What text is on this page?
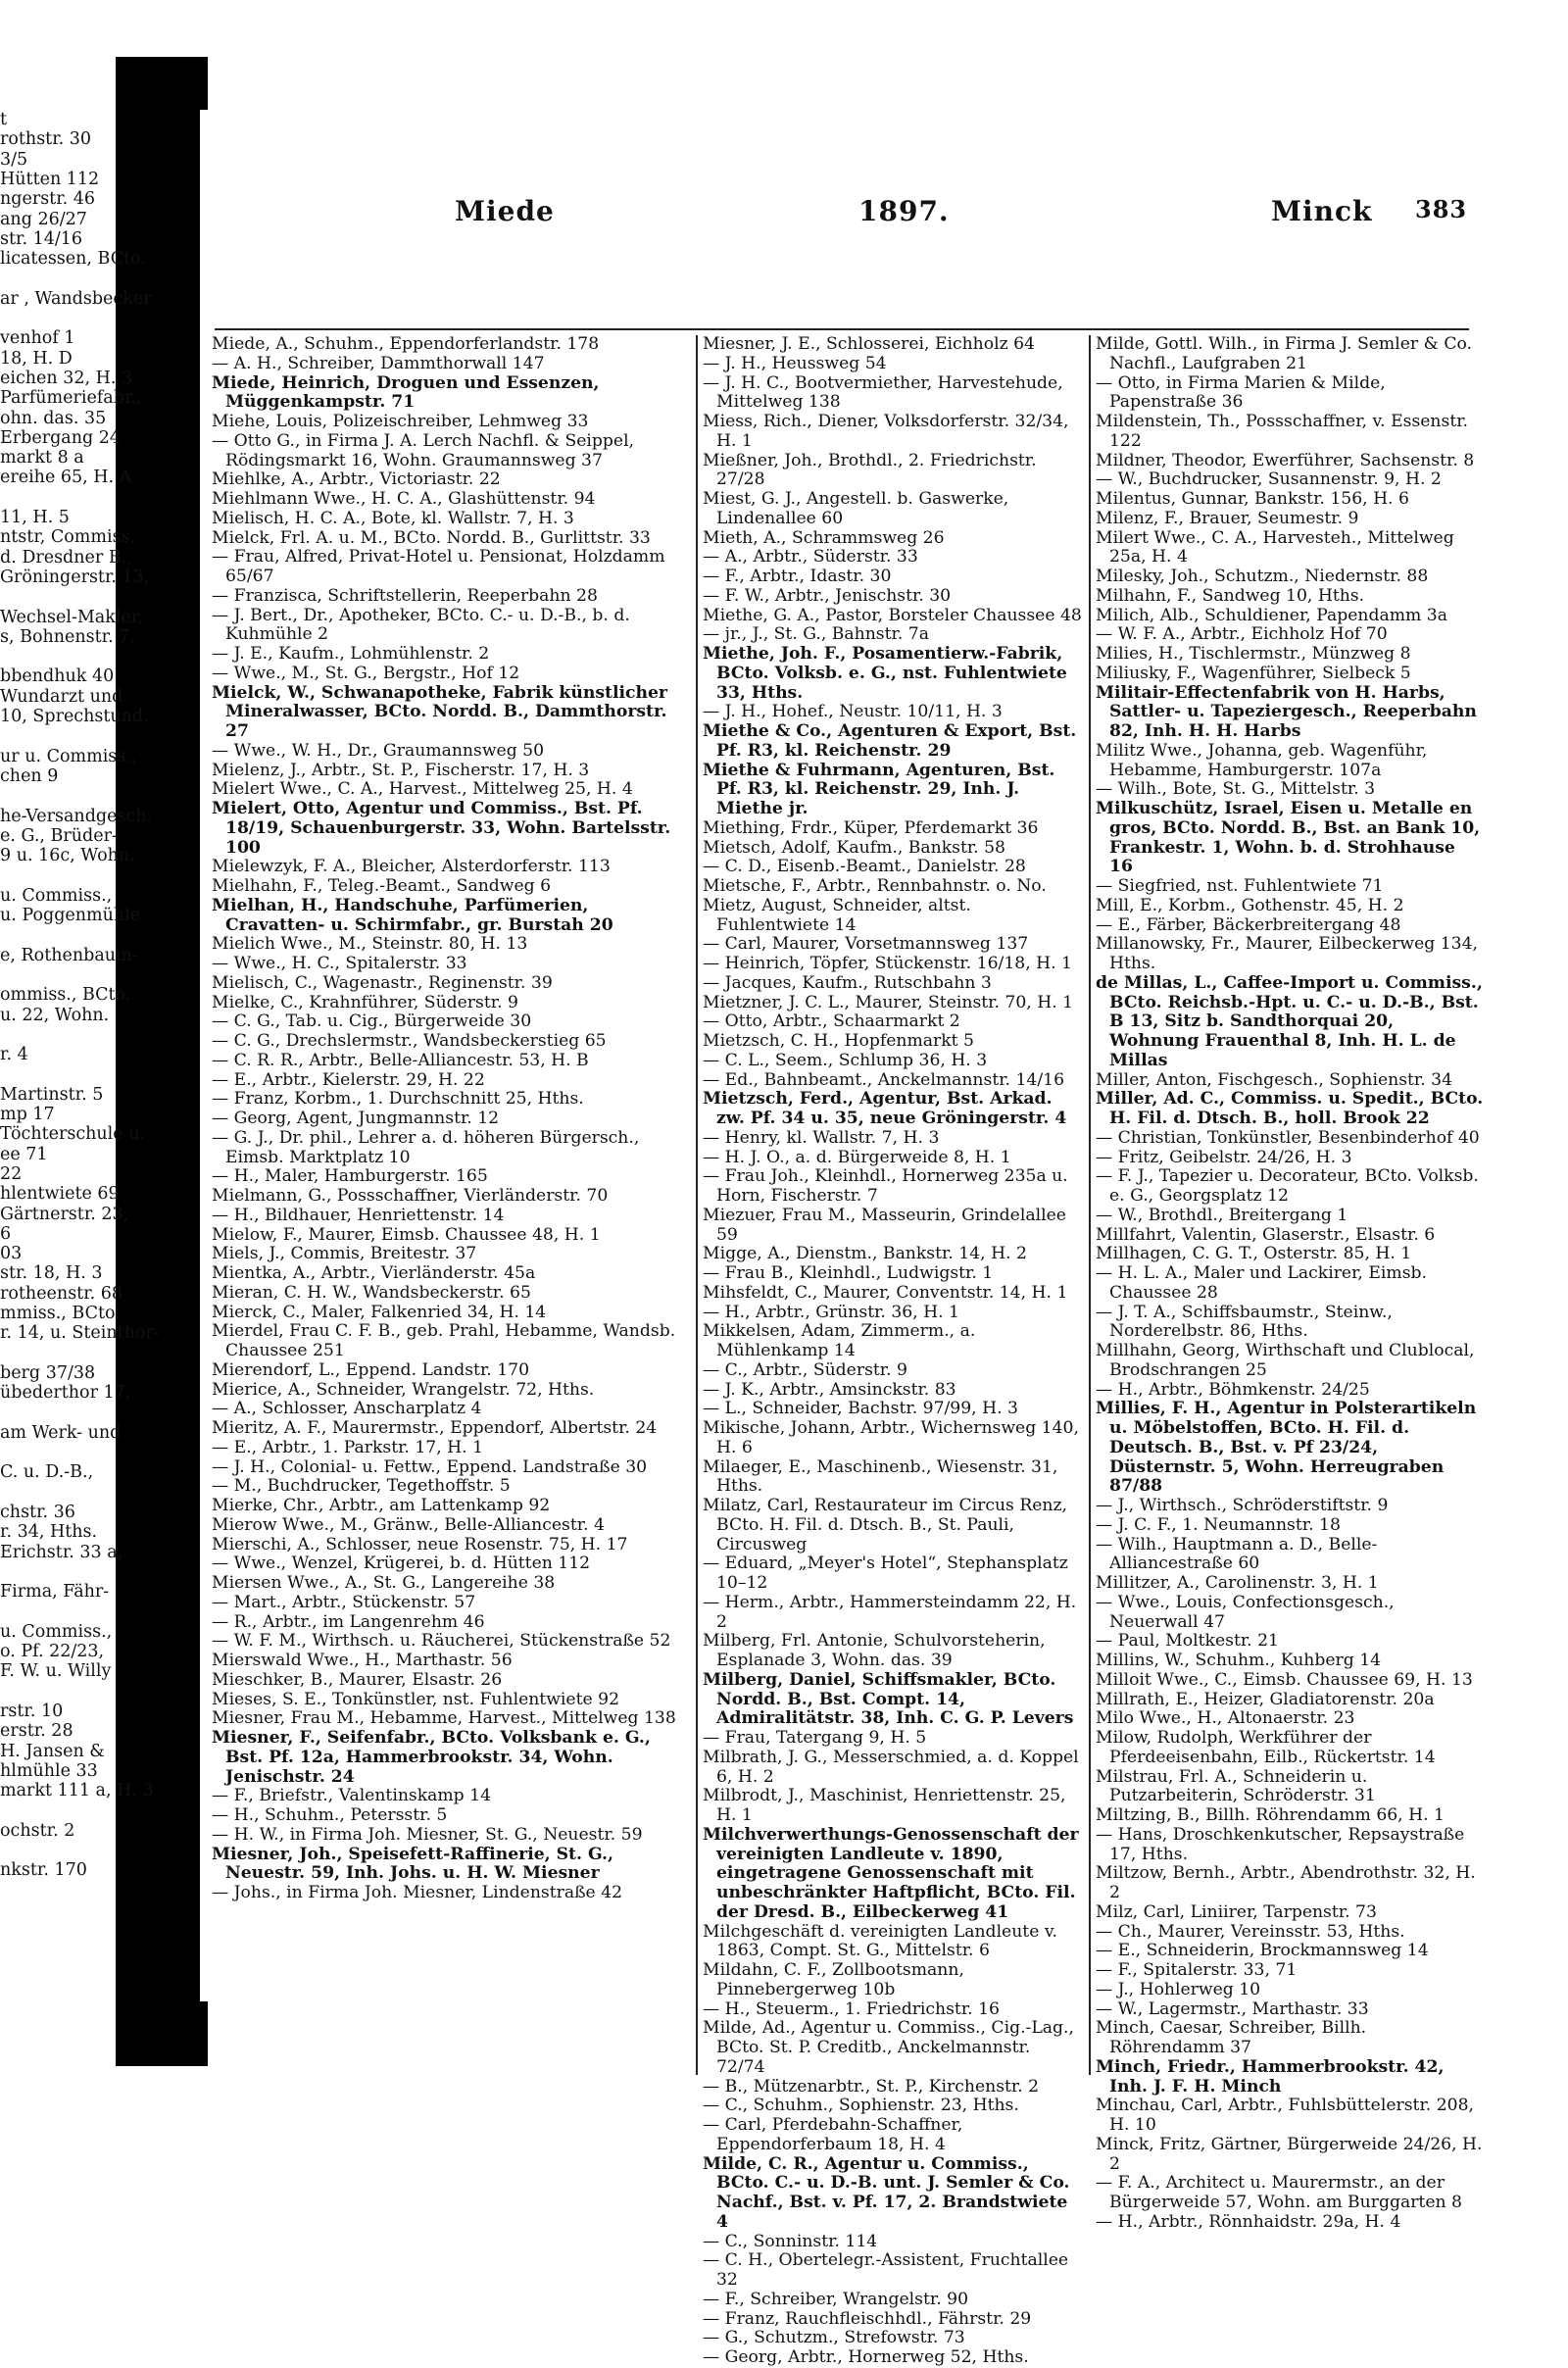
t
rothstr. 30
3/5
Hütten 112
ngerstr. 46
ang 26/27
str. 14/16
licatessen, BCto.
ar , Wandsbecker
venhof 1
18, H. D
eichen 32, H. 3
Parfümeriefabr.,
ohn. das. 35
Erbergang 24
markt 8 a
ereihe 65, H. A
11, H. 5
ntstr, Commiss,
d. Dresdner B.,
Gröningerstr. 13,
Wechsel-Makler,
s, Bohnenstr. 7,
bbendhuk 40
Wundarzt und
10, Sprechstund.
ur u. Commiss.,
chen 9
he-Versandgesch.
e. G., Brüder-
9 u. 16c, Wohn.
u. Commiss.,
u. Poggenmühle
e, Rothenbaum-
ommiss., BCto.
u. 22, Wohn.
r. 4
Martinstr. 5
mp 17
Töchterschule u.
ee 71
22
hlentwiete 69
Gärtnerstr. 23,
6
03
str. 18, H. 3
rotheenstr. 68
mmiss., BCto.
r. 14, u. Steinthor-
berg 37/38
übederthor 17,
am Werk- und
C. u. D.-B.,
chstr. 36
r. 34, Hths.
Erichstr. 33 a,
Firma, Fähr-
u. Commiss.,
o. Pf. 22/23,
F. W. u. Willy
rstr. 10
erstr. 28
H. Jansen &
hlmühle 33
markt 111 a, H. 3
ochstr. 2
nkstr. 170
Miede	1897.	Minck 383

Miede, A., Schuhm., Eppendorferlandstr. 178

— A. H., Schreiber, Dammthorwall 147

Miede, Heinrich, Droguen und Essenzen, Müggenkampstr. 71

Miehe, Louis, Polizeischreiber, Lehmweg 33

— Otto G., in Firma J. A. Lerch Nachfl. & Seippel, Rödingsmarkt 16, Wohn. Graumannsweg 37

Miehlke, A., Arbtr., Victoriastr. 22

Miehlmann Wwe., H. C. A., Glashüttenstr. 94

Mielisch, H. C. A., Bote, kl. Wallstr. 7, H. 3

Mielck, Frl. A. u. M., BCto. Nordd. B., Gurlittstr. 33

— Frau, Alfred, Privat-Hotel u. Pensionat, Holzdamm 65/67

— Franzisca, Schriftstellerin, Reeperbahn 28

— J. Bert., Dr., Apotheker, BCto. C.- u. D.-B., b. d. Kuhmühle 2

— J. E., Kaufm., Lohmühlenstr. 2

— Wwe., M., St. G., Bergstr., Hof 12

Mielck, W., Schwanapotheke, Fabrik künstlicher Mineralwasser, BCto. Nordd. B., Dammthorstr. 27

— Wwe., W. H., Dr., Graumannsweg 50

Mielenz, J., Arbtr., St. P., Fischerstr. 17, H. 3

Mielert Wwe., C. A., Harvest., Mittelweg 25, H. 4

Mielert, Otto, Agentur und Commiss., Bst. Pf. 18/19, Schauenburgerstr. 33, Wohn. Bartelsstr. 100

Mielewzyk, F. A., Bleicher, Alsterdorferstr. 113

Mielhahn, F., Teleg.-Beamt., Sandweg 6

Mielhan, H., Handschuhe, Parfümerien, Cravatten- u. Schirmfabr., gr. Burstah 20

Mielich Wwe., M., Steinstr. 80, H. 13

— Wwe., H. C., Spitalerstr. 33

Mielisch, C., Wagenastr., Reginenstr. 39

Mielke, C., Krahnführer, Süderstr. 9

— C. G., Tab. u. Cig., Bürgerweide 30

— C. G., Drechslermstr., Wandsbeckerstieg 65

— C. R. R., Arbtr., Belle-Alliancestr. 53, H. B

— E., Arbtr., Kielerstr. 29, H. 22

— Franz, Korbm., 1. Durchschnitt 25, Hths.

— Georg, Agent, Jungmannstr. 12

— G. J., Dr. phil., Lehrer a. d. höheren Bürgersch., Eimsb. Marktplatz 10

— H., Maler, Hamburgerstr. 165

Mielmann, G., Possschaffner, Vierländerstr. 70

— H., Bildhauer, Henriettenstr. 14

Mielow, F., Maurer, Eimsb. Chaussee 48, H. 1

Miels, J., Commis, Breitestr. 37

Mientka, A., Arbtr., Vierländerstr. 45a

Mieran, C. H. W., Wandsbeckerstr. 65

Mierck, C., Maler, Falkenried 34, H. 14

Mierdel, Frau C. F. B., geb. Prahl, Hebamme, Wandsb. Chaussee 251

Mierendorf, L., Eppend. Landstr. 170

Mierice, A., Schneider, Wrangelstr. 72, Hths.

— A., Schlosser, Anscharplatz 4

Mieritz, A. F., Maurermstr., Eppendorf, Albertstr. 24

— E., Arbtr., 1. Parkstr. 17, H. 1

— J. H., Colonial- u. Fettw., Eppend. Landstraße 30

— M., Buchdrucker, Tegethoffstr. 5

Mierke, Chr., Arbtr., am Lattenkamp 92

Mierow Wwe., M., Gränw., Belle-Alliancestr. 4

Mierschi, A., Schlosser, neue Rosenstr. 75, H. 17

— Wwe., Wenzel, Krügerei, b. d. Hütten 112

Miersen Wwe., A., St. G., Langereihe 38

— Mart., Arbtr., Stückenstr. 57

— R., Arbtr., im Langenrehm 46

— W. F. M., Wirthsch. u. Räucherei, Stückenstraße 52

Mierswald Wwe., H., Marthastr. 56

Mieschker, B., Maurer, Elsastr. 26

Mieses, S. E., Tonkünstler, nst. Fuhlentwiete 92

Miesner, Frau M., Hebamme, Harvest., Mittelweg 138

Miesner, F., Seifenfabr., BCto. Volksbank e. G., Bst. Pf. 12a, Hammerbrookstr. 34, Wohn. Jenischstr. 24

— F., Briefstr., Valentinskamp 14

— H., Schuhm., Petersstr. 5

— H. W., in Firma Joh. Miesner, St. G., Neuestr. 59

Miesner, Joh., Speisefett-Raffinerie, St. G., Neuestr. 59, Inh. Johs. u. H. W. Miesner

— Johs., in Firma Joh. Miesner, Lindenstraße 42

Miesner, J. E., Schlosserei, Eichholz 64

— J. H., Heussweg 54

— J. H. C., Bootvermiether, Harvestehude, Mittelweg 138

Miess, Rich., Diener, Volksdorferstr. 32/34, H. 1

Mießner, Joh., Brothdl., 2. Friedrichstr. 27/28

Miest, G. J., Angestell. b. Gaswerke, Lindenallee 60

Mieth, A., Schrammsweg 26

— A., Arbtr., Süderstr. 33

— F., Arbtr., Idastr. 30

— F. W., Arbtr., Jenischstr. 30

Miethe, G. A., Pastor, Borsteler Chaussee 48

— jr., J., St. G., Bahnstr. 7a

Miethe, Joh. F., Posamentierw.-Fabrik, BCto. Volksb. e. G., nst. Fuhlentwiete 33, Hths.

— J. H., Hohef., Neustr. 10/11, H. 3

Miethe & Co., Agenturen & Export, Bst. Pf. R3, kl. Reichenstr. 29

Miethe & Fuhrmann, Agenturen, Bst. Pf. R3, kl. Reichenstr. 29, Inh. J. Miethe jr.

Miething, Frdr., Küper, Pferdemarkt 36

Mietsch, Adolf, Kaufm., Bankstr. 58

— C. D., Eisenb.-Beamt., Danielstr. 28

Mietsche, F., Arbtr., Rennbahnstr. o. No.

Mietz, August, Schneider, altst. Fuhlentwiete 14

— Carl, Maurer, Vorsetmannsweg 137

— Heinrich, Töpfer, Stückenstr. 16/18, H. 1

— Jacques, Kaufm., Rutschbahn 3

Mietzner, J. C. L., Maurer, Steinstr. 70, H. 1

— Otto, Arbtr., Schaarmarkt 2

Mietzsch, C. H., Hopfenmarkt 5

— C. L., Seem., Schlump 36, H. 3

— Ed., Bahnbeamt., Anckelmannstr. 14/16

Mietzsch, Ferd., Agentur, Bst. Arkad. zw. Pf. 34 u. 35, neue Gröningerstr. 4

— Henry, kl. Wallstr. 7, H. 3

— H. J. O., a. d. Bürgerweide 8, H. 1

— Frau Joh., Kleinhdl., Hornerweg 235a u. Horn, Fischerstr. 7

Miezuer, Frau M., Masseurin, Grindelallee 59

Migge, A., Dienstm., Bankstr. 14, H. 2

— Frau B., Kleinhdl., Ludwigstr. 1

Mihsfeldt, C., Maurer, Conventstr. 14, H. 1

— H., Arbtr., Grünstr. 36, H. 1

Mikkelsen, Adam, Zimmerm., a. Mühlenkamp 14

— C., Arbtr., Süderstr. 9

— J. K., Arbtr., Amsinckstr. 83

— L., Schneider, Bachstr. 97/99, H. 3

Mikische, Johann, Arbtr., Wichernsweg 140, H. 6

Milaeger, E., Maschinenb., Wiesenstr. 31, Hths.

Milatz, Carl, Restaurateur im Circus Renz, BCto. H. Fil. d. Dtsch. B., St. Pauli, Circusweg

— Eduard, „Meyer's Hotel“, Stephansplatz 10–12

— Herm., Arbtr., Hammersteindamm 22, H. 2

Milberg, Frl. Antonie, Schulvorsteherin, Esplanade 3, Wohn. das. 39

Milberg, Daniel, Schiffsmakler, BCto. Nordd. B., Bst. Compt. 14, Admiralitätstr. 38, Inh. C. G. P. Levers

— Frau, Tatergang 9, H. 5

Milbrath, J. G., Messerschmied, a. d. Koppel 6, H. 2

Milbrodt, J., Maschinist, Henriettenstr. 25, H. 1

Milchverwerthungs-Genossenschaft der vereinigten Landleute v. 1890, eingetragene Genossenschaft mit unbeschränkter Haftpflicht, BCto. Fil. der Dresd. B., Eilbeckerweg 41

Milchgeschäft d. vereinigten Landleute v. 1863, Compt. St. G., Mittelstr. 6

Mildahn, C. F., Zollbootsmann, Pinnebergerweg 10b

— H., Steuerm., 1. Friedrichstr. 16

Milde, Ad., Agentur u. Commiss., Cig.-Lag., BCto. St. P. Creditb., Anckelmannstr. 72/74

— B., Mützenarbtr., St. P., Kirchenstr. 2

— C., Schuhm., Sophienstr. 23, Hths.

— Carl, Pferdebahn-Schaffner, Eppendorferbaum 18, H. 4

Milde, C. R., Agentur u. Commiss., BCto. C.- u. D.-B. unt. J. Semler & Co. Nachf., Bst. v. Pf. 17, 2. Brandstwiete 4

— C., Sonninstr. 114

— C. H., Obertelegr.-Assistent, Fruchtallee 32

— F., Schreiber, Wrangelstr. 90

— Franz, Rauchfleischhdl., Fährstr. 29

— G., Schutzm., Strefowstr. 73

— Georg, Arbtr., Hornerweg 52, Hths.

Milde, Gottl. Wilh., in Firma J. Semler & Co. Nachfl., Laufgraben 21

— Otto, in Firma Marien & Milde, Papenstraße 36

Mildenstein, Th., Possschaffner, v. Essenstr. 122

Mildner, Theodor, Ewerführer, Sachsenstr. 8

— W., Buchdrucker, Susannenstr. 9, H. 2

Milentus, Gunnar, Bankstr. 156, H. 6

Milenz, F., Brauer, Seumestr. 9

Milert Wwe., C. A., Harvesteh., Mittelweg 25a, H. 4

Milesky, Joh., Schutzm., Niedernstr. 88

Milhahn, F., Sandweg 10, Hths.

Milich, Alb., Schuldiener, Papendamm 3a

— W. F. A., Arbtr., Eichholz Hof 70

Milies, H., Tischlermstr., Münzweg 8

Miliusky, F., Wagenführer, Sielbeck 5

Militair-Effectenfabrik von H. Harbs, Sattler- u. Tapeziergesch., Reeperbahn 82, Inh. H. H. Harbs

Militz Wwe., Johanna, geb. Wagenführ, Hebamme, Hamburgerstr. 107a

— Wilh., Bote, St. G., Mittelstr. 3

Milkuschütz, Israel, Eisen u. Metalle en gros, BCto. Nordd. B., Bst. an Bank 10, Frankestr. 1, Wohn. b. d. Strohhause 16

— Siegfried, nst. Fuhlentwiete 71

Mill, E., Korbm., Gothenstr. 45, H. 2

— E., Färber, Bäckerbreitergang 48

Millanowsky, Fr., Maurer, Eilbeckerweg 134, Hths.

de Millas, L., Caffee-Import u. Commiss., BCto. Reichsb.-Hpt. u. C.- u. D.-B., Bst. B 13, Sitz b. Sandthorquai 20, Wohnung Frauenthal 8, Inh. H. L. de Millas

Miller, Anton, Fischgesch., Sophienstr. 34

Miller, Ad. C., Commiss. u. Spedit., BCto. H. Fil. d. Dtsch. B., holl. Brook 22

— Christian, Tonkünstler, Besenbinderhof 40

— Fritz, Geibelstr. 24/26, H. 3

— F. J., Tapezier u. Decorateur, BCto. Volksb. e. G., Georgsplatz 12

— W., Brothdl., Breitergang 1

Millfahrt, Valentin, Glaserstr., Elsastr. 6

Millhagen, C. G. T., Osterstr. 85, H. 1

— H. L. A., Maler und Lackirer, Eimsb. Chaussee 28

— J. T. A., Schiffsbaumstr., Steinw., Norderelbstr. 86, Hths.

Millhahn, Georg, Wirthschaft und Clublocal, Brodschrangen 25

— H., Arbtr., Böhmkenstr. 24/25

Millies, F. H., Agentur in Polsterartikeln u. Möbelstoffen, BCto. H. Fil. d. Deutsch. B., Bst. v. Pf 23/24, Düsternstr. 5, Wohn. Herreugraben 87/88

— J., Wirthsch., Schröderstiftstr. 9

— J. C. F., 1. Neumannstr. 18

— Wilh., Hauptmann a. D., Belle-Alliancestraße 60

Millitzer, A., Carolinenstr. 3, H. 1

— Wwe., Louis, Confectionsgesch., Neuerwall 47

— Paul, Moltkestr. 21

Millins, W., Schuhm., Kuhberg 14

Milloit Wwe., C., Eimsb. Chaussee 69, H. 13

Millrath, E., Heizer, Gladiatorenstr. 20a

Milo Wwe., H., Altonaerstr. 23

Milow, Rudolph, Werkführer der Pferdeeisenbahn, Eilb., Rückertstr. 14

Milstrau, Frl. A., Schneiderin u. Putzarbeiterin, Schröderstr. 31

Miltzing, B., Billh. Röhrendamm 66, H. 1

— Hans, Droschkenkutscher, Repsaystraße 17, Hths.

Miltzow, Bernh., Arbtr., Abendrothstr. 32, H. 2

Milz, Carl, Liniirer, Tarpenstr. 73

— Ch., Maurer, Vereinsstr. 53, Hths.

— E., Schneiderin, Brockmannsweg 14

— F., Spitalerstr. 33, 71

— J., Hohlerweg 10

— W., Lagermstr., Marthastr. 33

Minch, Caesar, Schreiber, Billh. Röhrendamm 37

Minch, Friedr., Hammerbrookstr. 42, Inh. J. F. H. Minch

Minchau, Carl, Arbtr., Fuhlsbüttelerstr. 208, H. 10

Minck, Fritz, Gärtner, Bürgerweide 24/26, H. 2

— F. A., Architect u. Maurermstr., an der Bürgerweide 57, Wohn. am Burggarten 8

— H., Arbtr., Rönnhaidstr. 29a, H. 4
